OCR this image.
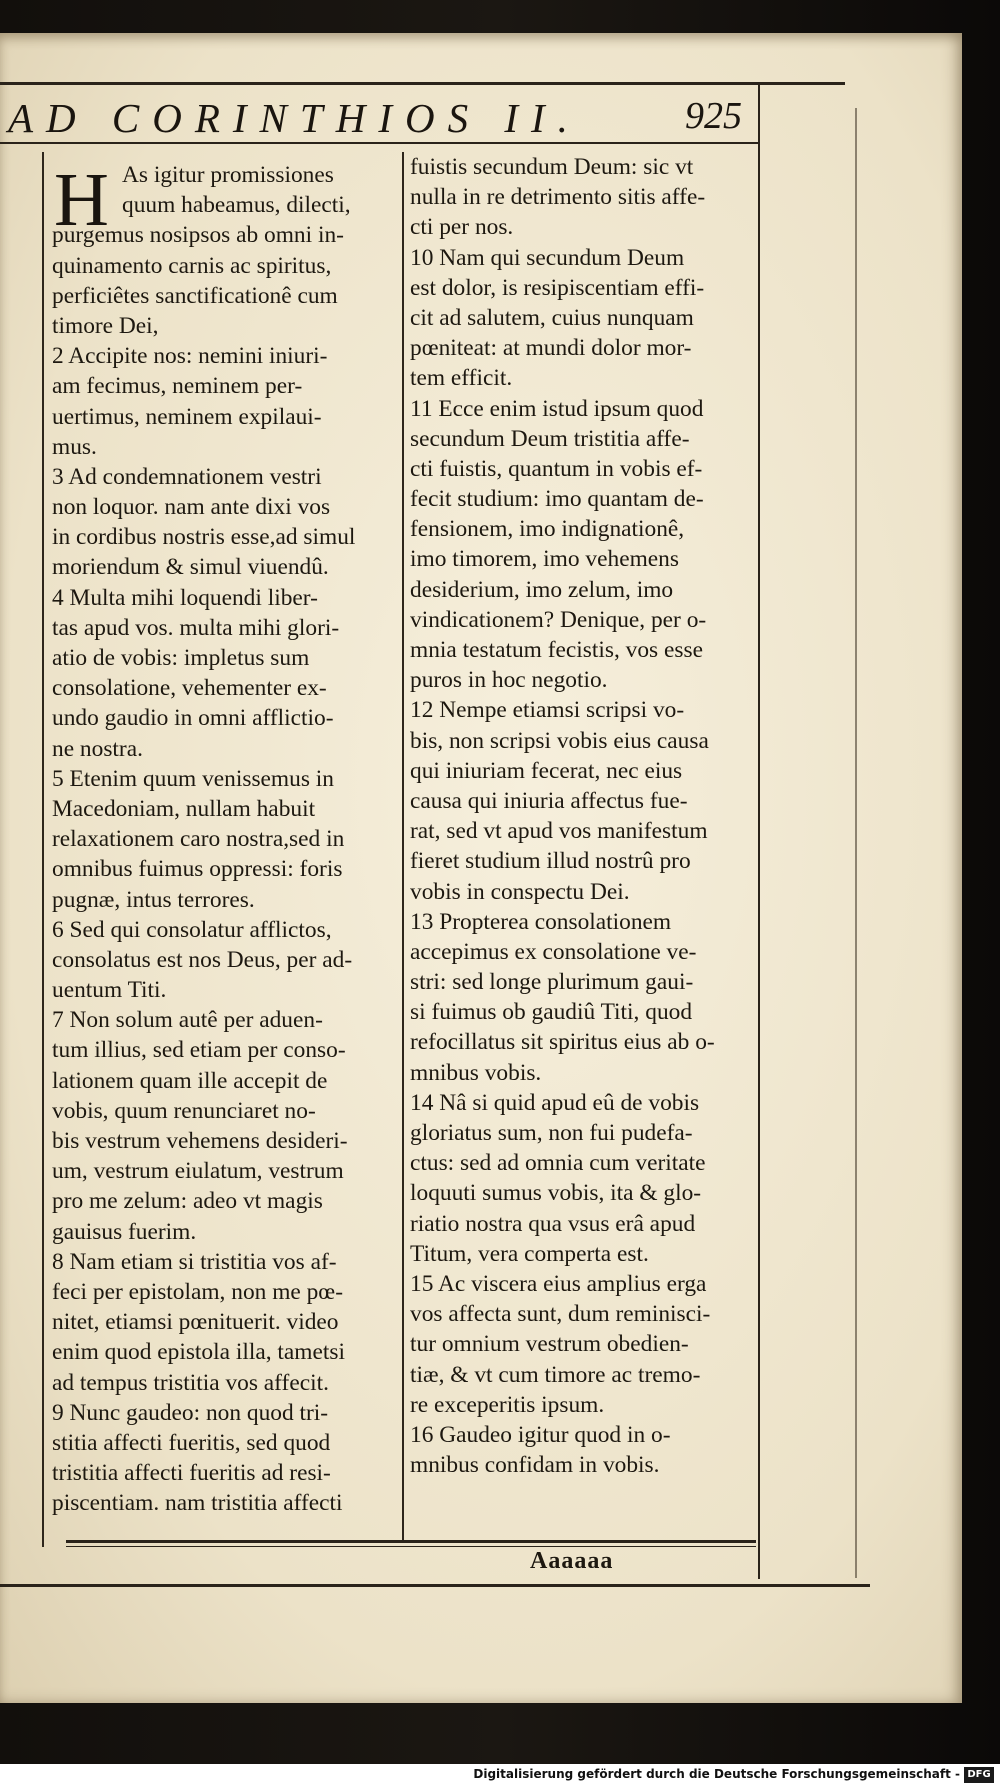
AD CORINTHIOS II.	925
H As igitur promissiones
quum habeamus, dilecti,
purgemus nosipsos ab omni in-
quinamento carnis ac spiritus,
perficiêtes sanctificationê cum
timore Dei,
2 Accipite nos: nemini iniuri-
am fecimus, neminem per-
uertimus, neminem expilaui-
mus.
3 Ad condemnationem vestri
non loquor. nam ante dixi vos
in cordibus nostris esse,ad simul
moriendum & simul viuendû.
4 Multa mihi loquendi liber-
tas apud vos. multa mihi glori-
atio de vobis: impletus sum
consolatione, vehementer ex-
undo gaudio in omni afflictio-
ne nostra.
5 Etenim quum venissemus in
Macedoniam, nullam habuit
relaxationem caro nostra,sed in
omnibus fuimus oppressi: foris
pugnæ, intus terrores.
6 Sed qui consolatur afflictos,
consolatus est nos Deus, per ad-
uentum Titi.
7 Non solum autê per aduen-
tum illius, sed etiam per conso-
lationem quam ille accepit de
vobis, quum renunciaret no-
bis vestrum vehemens desideri-
um, vestrum eiulatum, vestrum
pro me zelum: adeo vt magis
gauisus fuerim.
8 Nam etiam si tristitia vos af-
feci per epistolam, non me pœ-
nitet, etiamsi pœnituerit. video
enim quod epistola illa, tametsi
ad tempus tristitia vos affecit.
9 Nunc gaudeo: non quod tri-
stitia affecti fueritis, sed quod
tristitia affecti fueritis ad resi-
piscentiam. nam tristitia affecti
fuistis secundum Deum: sic vt
nulla in re detrimento sitis affe-
cti per nos.
10 Nam qui secundum Deum
est dolor, is resipiscentiam effi-
cit ad salutem, cuius nunquam
pœniteat: at mundi dolor mor-
tem efficit.
11 Ecce enim istud ipsum quod
secundum Deum tristitia affe-
cti fuistis, quantum in vobis ef-
fecit studium: imo quantam de-
fensionem, imo indignationê,
imo timorem, imo vehemens
desiderium, imo zelum, imo
vindicationem? Denique, per o-
mnia testatum fecistis, vos esse
puros in hoc negotio.
12 Nempe etiamsi scripsi vo-
bis, non scripsi vobis eius causa
qui iniuriam fecerat, nec eius
causa qui iniuria affectus fue-
rat, sed vt apud vos manifestum
fieret studium illud nostrû pro
vobis in conspectu Dei.
13 Propterea consolationem
accepimus ex consolatione ve-
stri: sed longe plurimum gaui-
si fuimus ob gaudiû Titi, quod
refocillatus sit spiritus eius ab o-
mnibus vobis.
14 Nâ si quid apud eû de vobis
gloriatus sum, non fui pudefa-
ctus: sed ad omnia cum veritate
loquuti sumus vobis, ita & glo-
riatio nostra qua vsus erâ apud
Titum, vera comperta est.
15 Ac viscera eius amplius erga
vos affecta sunt, dum reminisci-
tur omnium vestrum obedien-
tiæ, & vt cum timore ac tremo-
re exceperitis ipsum.
16 Gaudeo igitur quod in o-
mnibus confidam in vobis.
Aaaaaa
Digitalisierung gefördert durch die Deutsche Forschungsgemeinschaft - DFG
